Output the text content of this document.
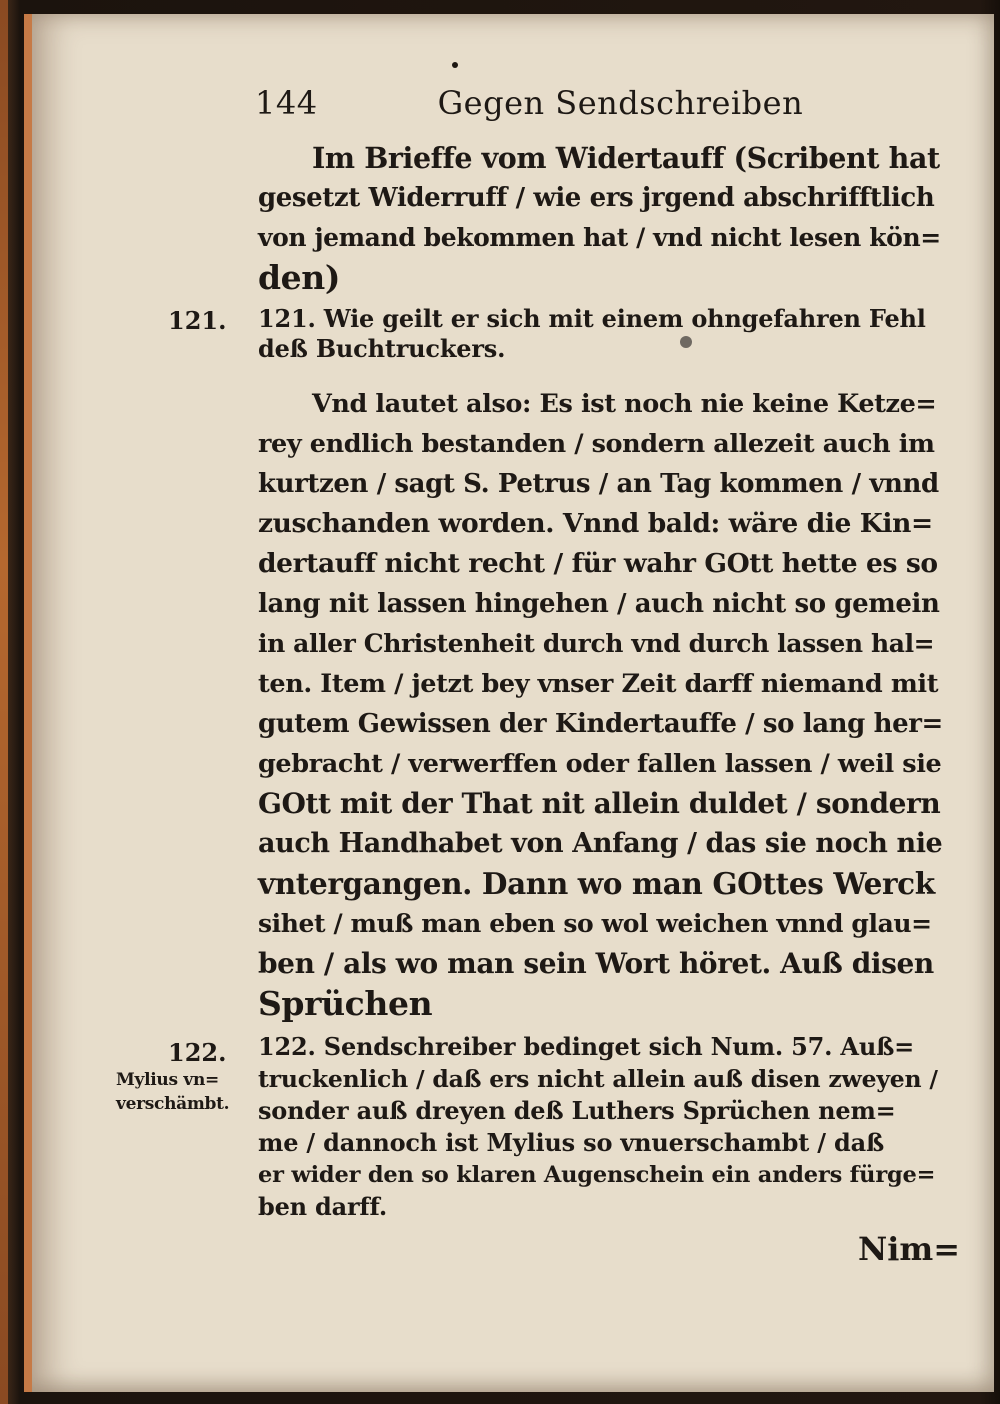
144	Gegen Sendschreiben
Im Brieffe vom Widertauff (Scribent hat
gesetzt Widerruff / wie ers jrgend abschrifftlich
von jemand bekommen hat / vnd nicht lesen kön=
den)
121. 121. Wie geilt er sich mit einem ohngefahren Fehl
deß Buchtruckers.
Vnd lautet also: Es ist noch nie keine Ketze=
rey endlich bestanden / sondern allezeit auch im
kurtzen / sagt S. Petrus / an Tag kommen / vnnd
zuschanden worden. Vnnd bald: wäre die Kin=
dertauff nicht recht / für wahr GOtt hette es so
lang nit lassen hingehen / auch nicht so gemein
in aller Christenheit durch vnd durch lassen hal=
ten. Item / jetzt bey vnser Zeit darff niemand mit
gutem Gewissen der Kindertauffe / so lang her=
gebracht / verwerffen oder fallen lassen / weil sie
GOtt mit der That nit allein duldet / sondern
auch Handhabet von Anfang / das sie noch nie
vntergangen. Dann wo man GOttes Werck
sihet / muß man eben so wol weichen vnnd glau=
ben / als wo man sein Wort höret. Auß disen
Sprüchen
122.
Mylius vn=
verschämbt.
122. Sendschreiber bedinget sich Num. 57. Auß=
truckenlich / daß ers nicht allein auß disen zweyen /
sonder auß dreyen deß Luthers Sprüchen nem=
me / dannoch ist Mylius so vnuerschambt / daß
er wider den so klaren Augenschein ein anders fürge=
ben darff.
Nim=
